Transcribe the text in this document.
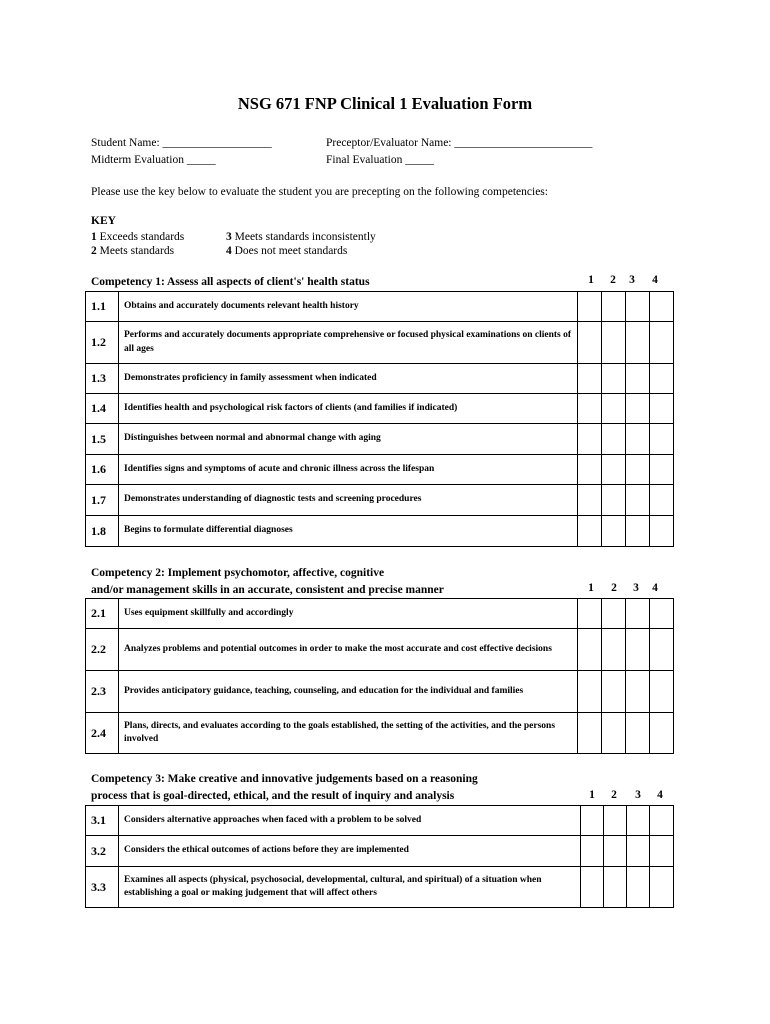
NSG 671 FNP Clinical 1 Evaluation Form
Student Name: ___________________	Preceptor/Evaluator Name: ________________________
Midterm Evaluation _____	Final Evaluation _____
Please use the key below to evaluate the student you are precepting on the following competencies:
KEY
1 Exceeds standards	3 Meets standards inconsistently
2 Meets standards	4 Does not meet standards
Competency 1: Assess all aspects of client's' health status	1 2 3 4
1.1	Obtains and accurately documents relevant health history				
1.2	Performs and accurately documents appropriate comprehensive or focused physical examinations on clients of all ages				
1.3	Demonstrates proficiency in family assessment when indicated				
1.4	Identifies health and psychological risk factors of clients (and families if indicated)				
1.5	Distinguishes between normal and abnormal change with aging				
1.6	Identifies signs and symptoms of acute and chronic illness across the lifespan				
1.7	Demonstrates understanding of diagnostic tests and screening procedures				
1.8	Begins to formulate differential diagnoses				
Competency 2: Implement psychomotor, affective, cognitive
and/or management skills in an accurate, consistent and precise manner	1 2 3 4
2.1	Uses equipment skillfully and accordingly				
2.2	Analyzes problems and potential outcomes in order to make the most accurate and cost effective decisions				
2.3	Provides anticipatory guidance, teaching, counseling, and education for the individual and families				
2.4	Plans, directs, and evaluates according to the goals established, the setting of the activities, and the persons involved				
Competency 3: Make creative and innovative judgements based on a reasoning
process that is goal-directed, ethical, and the result of inquiry and analysis	1 2 3 4
3.1	Considers alternative approaches when faced with a problem to be solved				
3.2	Considers the ethical outcomes of actions before they are implemented				
3.3	Examines all aspects (physical, psychosocial, developmental, cultural, and spiritual) of a situation when establishing a goal or making judgement that will affect others				
